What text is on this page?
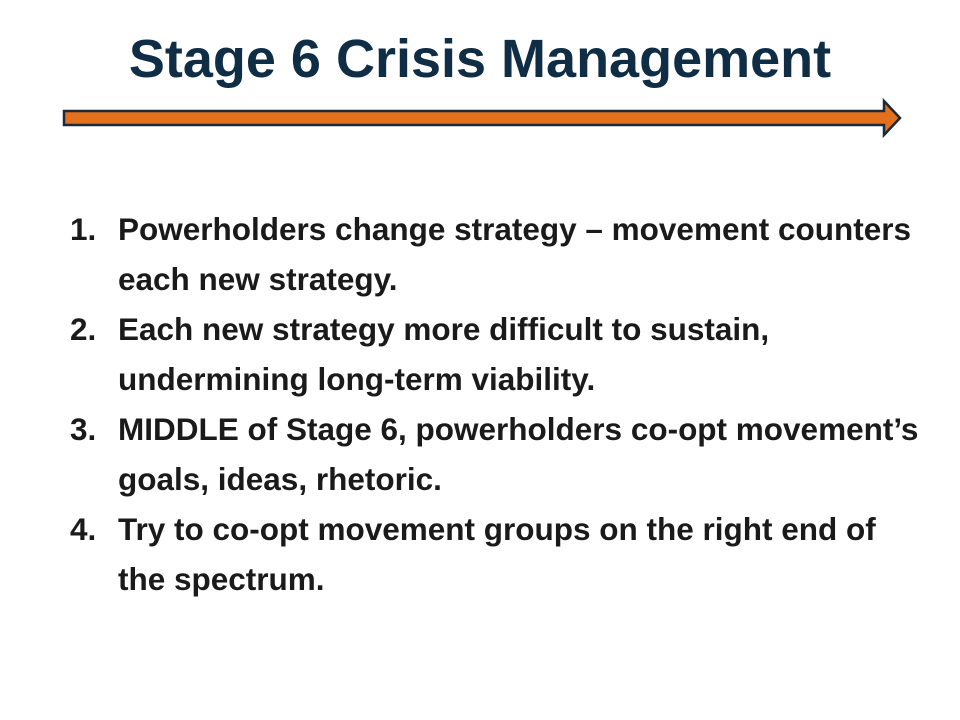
Stage 6 Crisis Management
1. Powerholders change strategy – movement counters each new strategy.
2. Each new strategy more difficult to sustain, undermining long-term viability.
3. MIDDLE of Stage 6, powerholders co-opt movement’s goals, ideas, rhetoric.
4. Try to co-opt movement groups on the right end of the spectrum.
